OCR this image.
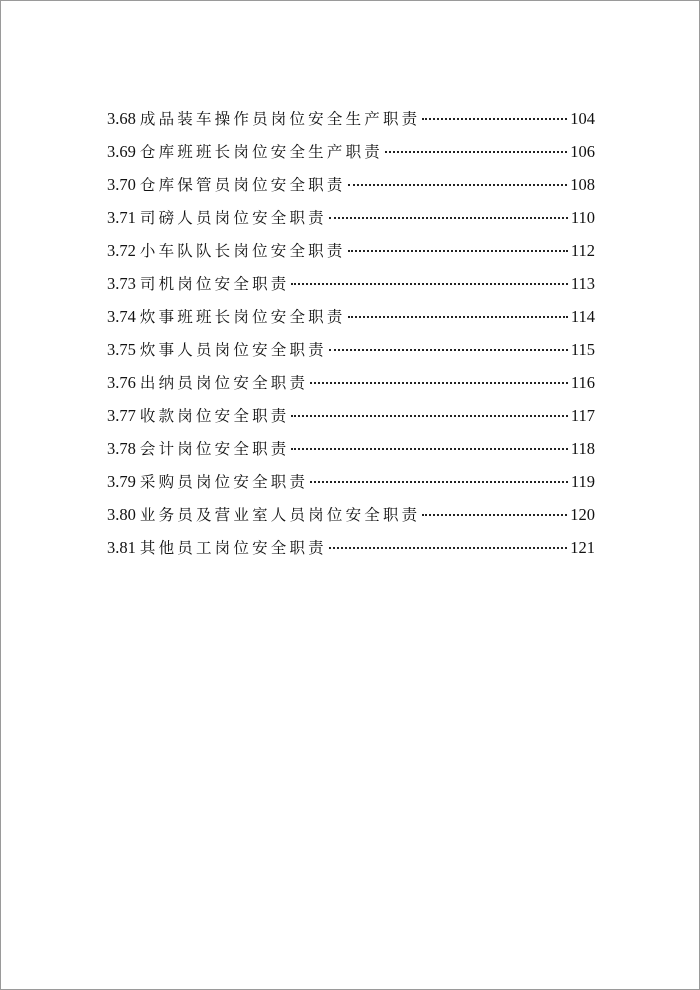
3.68 成品装车操作员岗位安全生产职责	104
3.69 仓库班班长岗位安全生产职责	106
3.70 仓库保管员岗位安全职责	108
3.71 司磅人员岗位安全职责	110
3.72 小车队队长岗位安全职责	112
3.73 司机岗位安全职责	113
3.74 炊事班班长岗位安全职责	114
3.75 炊事人员岗位安全职责	115
3.76 出纳员岗位安全职责	116
3.77 收款岗位安全职责	117
3.78 会计岗位安全职责	118
3.79 采购员岗位安全职责	119
3.80 业务员及营业室人员岗位安全职责	120
3.81 其他员工岗位安全职责	121
